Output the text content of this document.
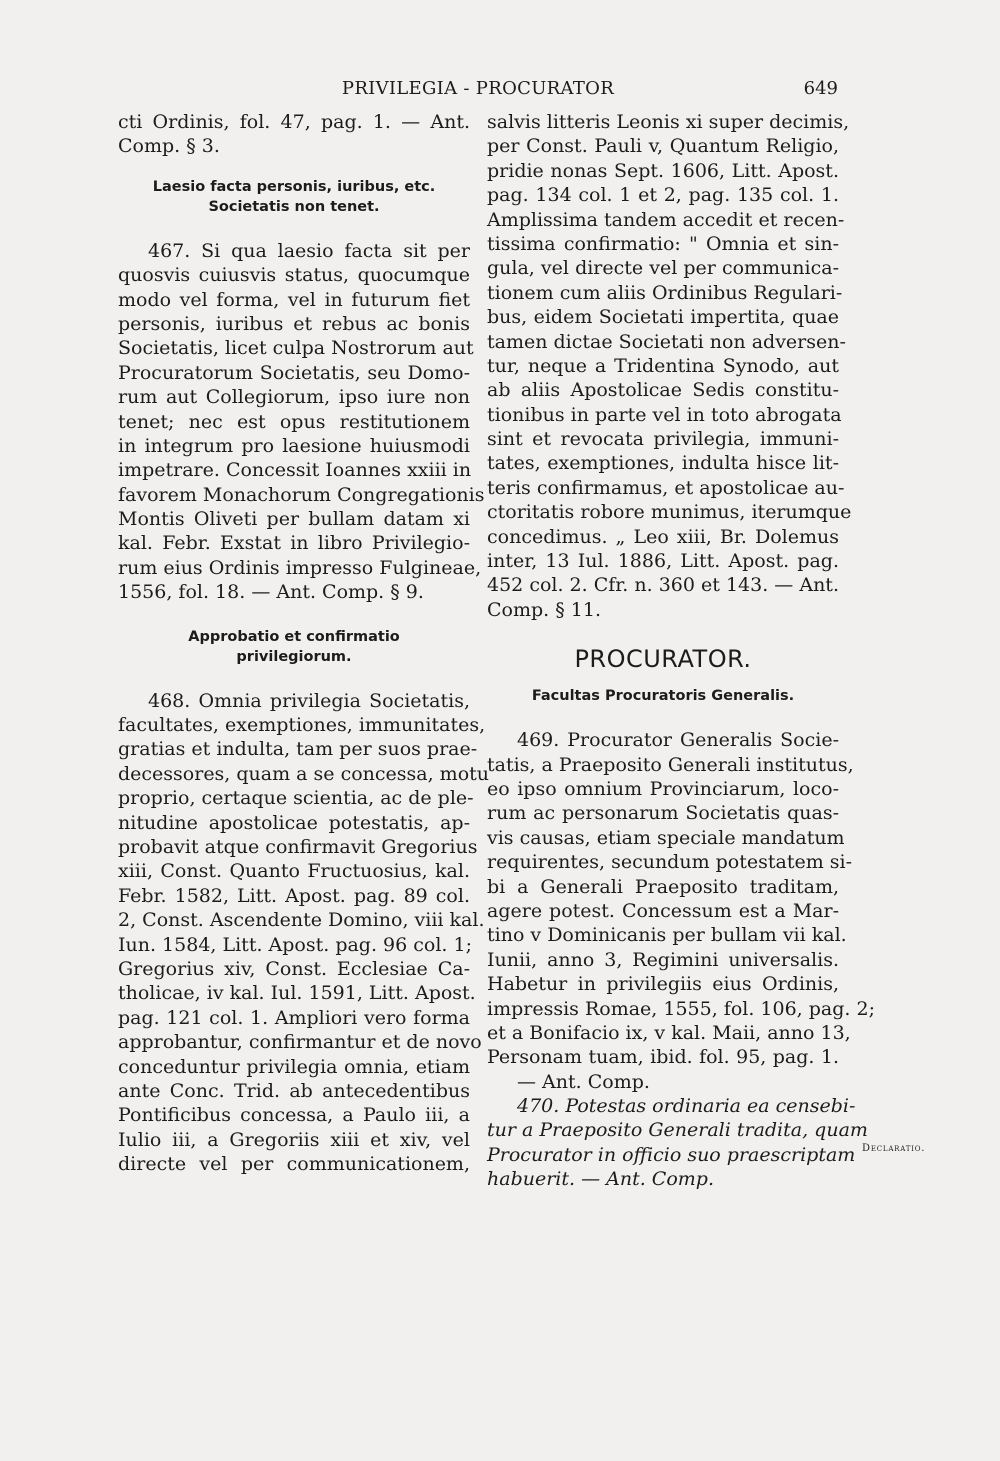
PRIVILEGIA - PROCURATOR	649
cti Ordinis, fol. 47, pag. 1. — Ant.
Comp. § 3.
Laesio facta personis, iuribus, etc.
Societatis non tenet.
467. Si qua laesio facta sit per
quosvis cuiusvis status, quocumque
modo vel forma, vel in futurum fiet
personis, iuribus et rebus ac bonis
Societatis, licet culpa Nostrorum aut
Procuratorum Societatis, seu Domo-
rum aut Collegiorum, ipso iure non
tenet; nec est opus restitutionem
in integrum pro laesione huiusmodi
impetrare. Concessit Ioannes xxiii in
favorem Monachorum Congregationis
Montis Oliveti per bullam datam xi
kal. Febr. Exstat in libro Privilegio-
rum eius Ordinis impresso Fulgineae,
1556, fol. 18. — Ant. Comp. § 9.
Approbatio et confirmatio
privilegiorum.
468. Omnia privilegia Societatis,
facultates, exemptiones, immunitates,
gratias et indulta, tam per suos prae-
decessores, quam a se concessa, motu
proprio, certaque scientia, ac de ple-
nitudine apostolicae potestatis, ap-
probavit atque confirmavit Gregorius
xiii, Const. Quanto Fructuosius, kal.
Febr. 1582, Litt. Apost. pag. 89 col.
2, Const. Ascendente Domino, viii kal.
Iun. 1584, Litt. Apost. pag. 96 col. 1;
Gregorius xiv, Const. Ecclesiae Ca-
tholicae, iv kal. Iul. 1591, Litt. Apost.
pag. 121 col. 1. Ampliori vero forma
approbantur, confirmantur et de novo
conceduntur privilegia omnia, etiam
ante Conc. Trid. ab antecedentibus
Pontificibus concessa, a Paulo iii, a
Iulio iii, a Gregoriis xiii et xiv, vel
directe vel per communicationem,
salvis litteris Leonis xi super decimis,
per Const. Pauli v, Quantum Religio,
pridie nonas Sept. 1606, Litt. Apost.
pag. 134 col. 1 et 2, pag. 135 col. 1.
Amplissima tandem accedit et recen-
tissima confirmatio: " Omnia et sin-
gula, vel directe vel per communica-
tionem cum aliis Ordinibus Regulari-
bus, eidem Societati impertita, quae
tamen dictae Societati non adversen-
tur, neque a Tridentina Synodo, aut
ab aliis Apostolicae Sedis constitu-
tionibus in parte vel in toto abrogata
sint et revocata privilegia, immuni-
tates, exemptiones, indulta hisce lit-
teris confirmamus, et apostolicae au-
ctoritatis robore munimus, iterumque
concedimus. „ Leo xiii, Br. Dolemus
inter, 13 Iul. 1886, Litt. Apost. pag.
452 col. 2. Cfr. n. 360 et 143. — Ant.
Comp. § 11.
PROCURATOR.
Facultas Procuratoris Generalis.
469. Procurator Generalis Socie-
tatis, a Praeposito Generali institutus,
eo ipso omnium Provinciarum, loco-
rum ac personarum Societatis quas-
vis causas, etiam speciale mandatum
requirentes, secundum potestatem si-
bi a Generali Praeposito traditam,
agere potest. Concessum est a Mar-
tino v Dominicanis per bullam vii kal.
Iunii, anno 3, Regimini universalis.
Habetur in privilegiis eius Ordinis,
impressis Romae, 1555, fol. 106, pag. 2;
et a Bonifacio ix, v kal. Maii, anno 13,
Personam tuam, ibid. fol. 95, pag. 1.
— Ant. Comp.
470. Potestas ordinaria ea censebi-
tur a Praeposito Generali tradita, quam
Procurator in officio suo praescriptam
habuerit. — Ant. Comp.
Declaratio.
